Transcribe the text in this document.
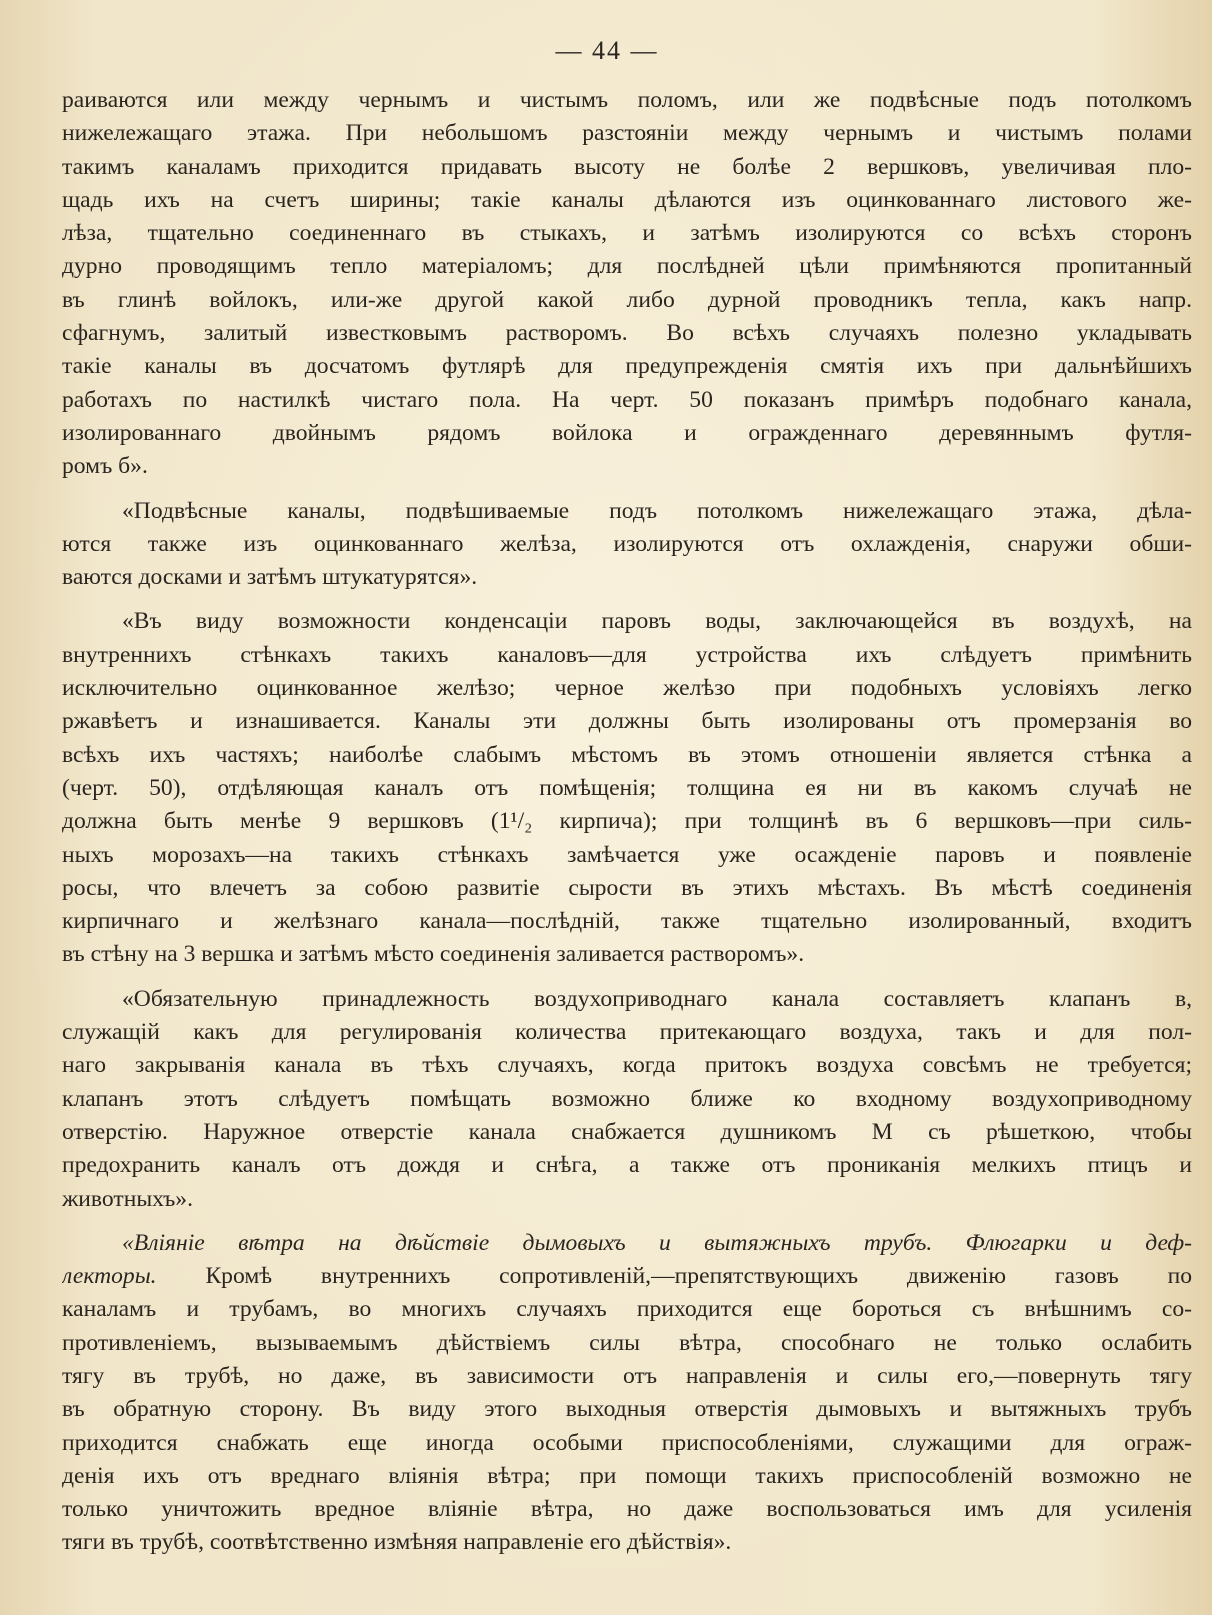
— 44 —
раиваются или между чернымъ и чистымъ поломъ, или же подвѣсные подъ потолкомъ
нижележащаго этажа. При небольшомъ разстояніи между чернымъ и чистымъ полами
такимъ каналамъ приходится придавать высоту не болѣе 2 вершковъ, увеличивая пло-
щадь ихъ на счетъ ширины; такіе каналы дѣлаются изъ оцинкованнаго листового же-
лѣза, тщательно соединеннаго въ стыкахъ, и затѣмъ изолируются со всѣхъ сторонъ
дурно проводящимъ тепло матеріаломъ; для послѣдней цѣли примѣняются пропитанный
въ глинѣ войлокъ, или-же другой какой либо дурной проводникъ тепла, какъ напр.
сфагнумъ, залитый известковымъ растворомъ. Во всѣхъ случаяхъ полезно укладывать
такіе каналы въ досчатомъ футлярѣ для предупрежденія смятія ихъ при дальнѣйшихъ
работахъ по настилкѣ чистаго пола. На черт. 50 показанъ примѣръ подобнаго канала,
изолированнаго двойнымъ рядомъ войлока и огражденнаго деревяннымъ футля-
ромъ б».
«Подвѣсные каналы, подвѣшиваемые подъ потолкомъ нижележащаго этажа, дѣла-
ются также изъ оцинкованнаго желѣза, изолируются отъ охлажденія, снаружи обши-
ваются досками и затѣмъ штукатурятся».
«Въ виду возможности конденсаціи паровъ воды, заключающейся въ воздухѣ, на
внутреннихъ стѣнкахъ такихъ каналовъ—для устройства ихъ слѣдуетъ примѣнить
исключительно оцинкованное желѣзо; черное желѣзо при подобныхъ условіяхъ легко
ржавѣетъ и изнашивается. Каналы эти должны быть изолированы отъ промерзанія во
всѣхъ ихъ частяхъ; наиболѣе слабымъ мѣстомъ въ этомъ отношеніи является стѣнка а
(черт. 50), отдѣляющая каналъ отъ помѣщенія; толщина ея ни въ какомъ случаѣ не
должна быть менѣе 9 вершковъ (1¹/₂ кирпича); при толщинѣ въ 6 вершковъ—при силь-
ныхъ морозахъ—на такихъ стѣнкахъ замѣчается уже осажденіе паровъ и появленіе
росы, что влечетъ за собою развитіе сырости въ этихъ мѣстахъ. Въ мѣстѣ соединенія
кирпичнаго и желѣзнаго канала—послѣдній, также тщательно изолированный, входитъ
въ стѣну на 3 вершка и затѣмъ мѣсто соединенія заливается растворомъ».
«Обязательную принадлежность воздухоприводнаго канала составляетъ клапанъ в,
служащій какъ для регулированія количества притекающаго воздуха, такъ и для пол-
наго закрыванія канала въ тѣхъ случаяхъ, когда притокъ воздуха совсѣмъ не требуется;
клапанъ этотъ слѣдуетъ помѣщать возможно ближе ко входному воздухоприводному
отверстію. Наружное отверстіе канала снабжается душникомъ М съ рѣшеткою, чтобы
предохранить каналъ отъ дождя и снѣга, а также отъ прониканія мелкихъ птицъ и
животныхъ».
«Вліяніе вѣтра на дѣйствіе дымовыхъ и вытяжныхъ трубъ. Флюгарки и деф-
лекторы. Кромѣ внутреннихъ сопротивленій,—препятствующихъ движенію газовъ по
каналамъ и трубамъ, во многихъ случаяхъ приходится еще бороться съ внѣшнимъ со-
противленіемъ, вызываемымъ дѣйствіемъ силы вѣтра, способнаго не только ослабить
тягу въ трубѣ, но даже, въ зависимости отъ направленія и силы его,—повернуть тягу
въ обратную сторону. Въ виду этого выходныя отверстія дымовыхъ и вытяжныхъ трубъ
приходится снабжать еще иногда особыми приспособленіями, служащими для ограж-
денія ихъ отъ вреднаго вліянія вѣтра; при помощи такихъ приспособленій возможно не
только уничтожить вредное вліяніе вѣтра, но даже воспользоваться имъ для усиленія
тяги въ трубѣ, соотвѣтственно измѣняя направленіе его дѣйствія».
